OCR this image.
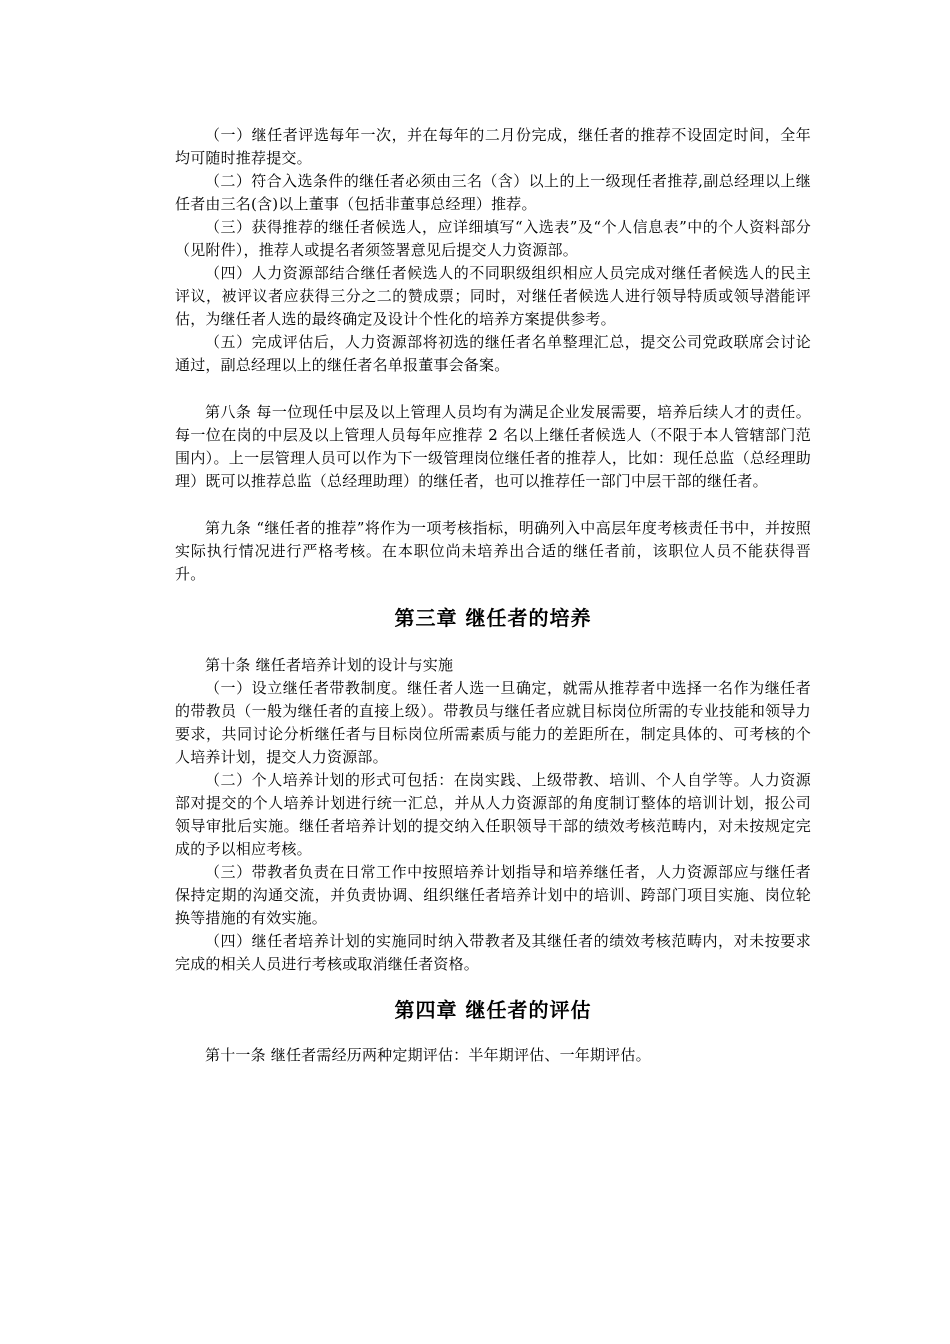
（一）继任者评选每年一次，并在每年的二月份完成，继任者的推荐不设固定时间，全年均可随时推荐提交。

（二）符合入选条件的继任者必须由三名（含）以上的上一级现任者推荐,副总经理以上继任者由三名(含)以上董事（包括非董事总经理）推荐。

（三）获得推荐的继任者候选人，应详细填写“入选表”及“个人信息表”中的个人资料部分（见附件），推荐人或提名者须签署意见后提交人力资源部。

（四）人力资源部结合继任者候选人的不同职级组织相应人员完成对继任者候选人的民主评议，被评议者应获得三分之二的赞成票；同时，对继任者候选人进行领导特质或领导潜能评估，为继任者人选的最终确定及设计个性化的培养方案提供参考。

（五）完成评估后，人力资源部将初选的继任者名单整理汇总，提交公司党政联席会讨论通过，副总经理以上的继任者名单报董事会备案。

第八条 每一位现任中层及以上管理人员均有为满足企业发展需要，培养后续人才的责任。每一位在岗的中层及以上管理人员每年应推荐 2 名以上继任者候选人（不限于本人管辖部门范围内）。上一层管理人员可以作为下一级管理岗位继任者的推荐人，比如：现任总监（总经理助理）既可以推荐总监（总经理助理）的继任者，也可以推荐任一部门中层干部的继任者。

第九条 “继任者的推荐”将作为一项考核指标，明确列入中高层年度考核责任书中，并按照实际执行情况进行严格考核。在本职位尚未培养出合适的继任者前，该职位人员不能获得晋升。

第三章 继任者的培养

第十条 继任者培养计划的设计与实施

（一）设立继任者带教制度。继任者人选一旦确定，就需从推荐者中选择一名作为继任者的带教员（一般为继任者的直接上级）。带教员与继任者应就目标岗位所需的专业技能和领导力要求，共同讨论分析继任者与目标岗位所需素质与能力的差距所在，制定具体的、可考核的个人培养计划，提交人力资源部。

（二）个人培养计划的形式可包括：在岗实践、上级带教、培训、个人自学等。人力资源部对提交的个人培养计划进行统一汇总，并从人力资源部的角度制订整体的培训计划，报公司领导审批后实施。继任者培养计划的提交纳入任职领导干部的绩效考核范畴内，对未按规定完成的予以相应考核。

（三）带教者负责在日常工作中按照培养计划指导和培养继任者，人力资源部应与继任者保持定期的沟通交流，并负责协调、组织继任者培养计划中的培训、跨部门项目实施、岗位轮换等措施的有效实施。

（四）继任者培养计划的实施同时纳入带教者及其继任者的绩效考核范畴内，对未按要求完成的相关人员进行考核或取消继任者资格。

第四章 继任者的评估

第十一条 继任者需经历两种定期评估：半年期评估、一年期评估。
